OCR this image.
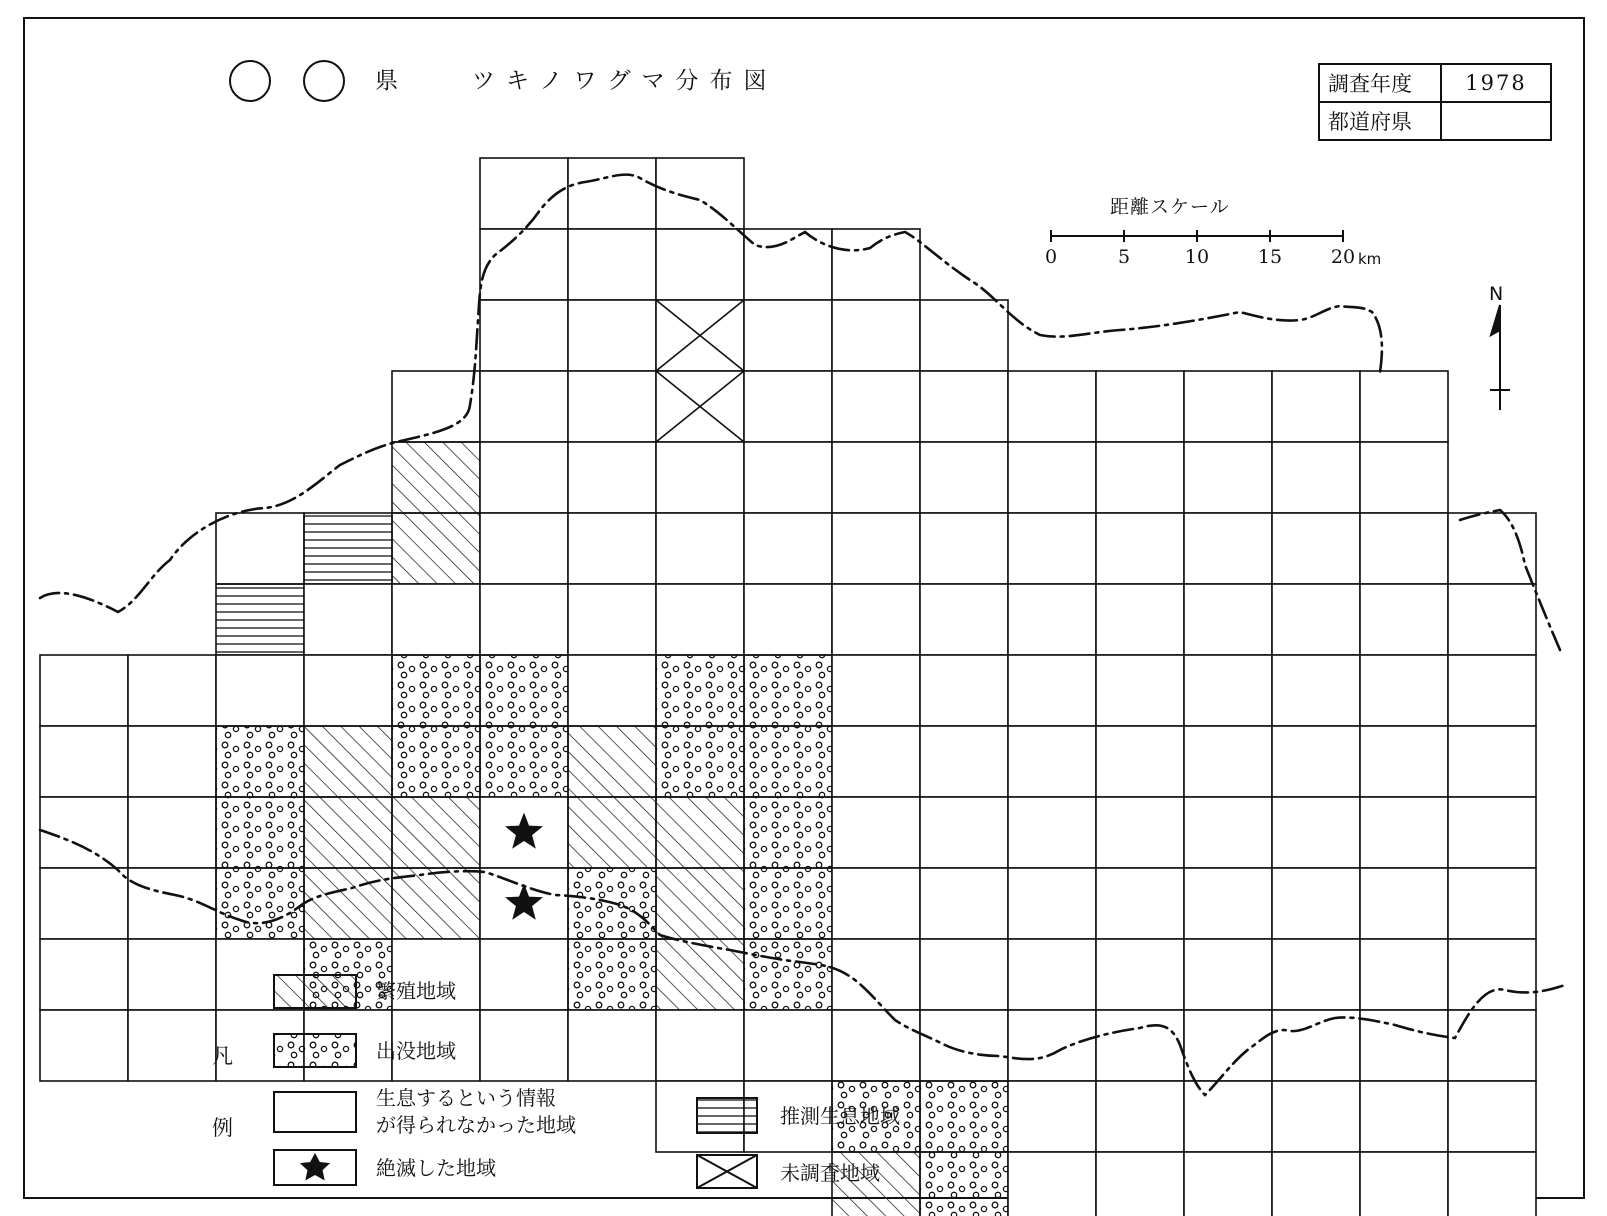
県	ツキノワグマ分布図	調査年度	1978
都道府県	
距離スケール
0	5	10	15	20 km
N
凡
例
繁殖地域
出没地域
生息するという情報
が得られなかった地域
絶滅した地域
推測生息地域
未調査地域
